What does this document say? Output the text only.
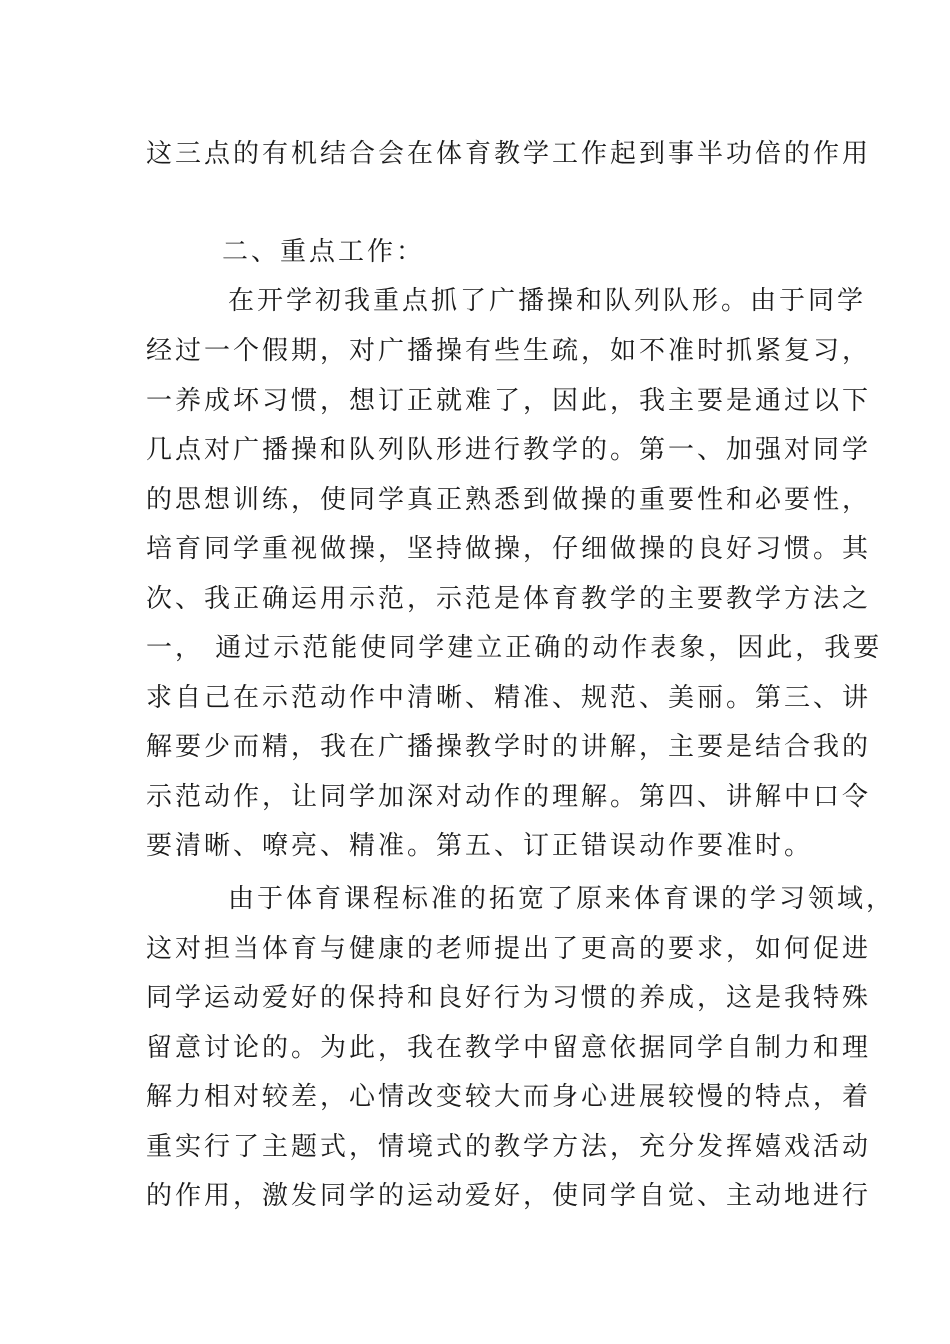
这三点的有机结合会在体育教学工作起到事半功倍的作用
二、重点工作：
在开学初我重点抓了广播操和队列队形。由于同学
经过一个假期，对广播操有些生疏，如不准时抓紧复习，
一养成坏习惯，想订正就难了，因此，我主要是通过以下
几点对广播操和队列队形进行教学的。第一、加强对同学
的思想训练，使同学真正熟悉到做操的重要性和必要性，
培育同学重视做操，坚持做操，仔细做操的良好习惯。其
次、我正确运用示范，示范是体育教学的主要教学方法之
一， 通过示范能使同学建立正确的动作表象，因此，我要
求自己在示范动作中清晰、精准、规范、美丽。第三、讲
解要少而精，我在广播操教学时的讲解，主要是结合我的
示范动作，让同学加深对动作的理解。第四、讲解中口令
要清晰、嘹亮、精准。第五、订正错误动作要准时。
由于体育课程标准的拓宽了原来体育课的学习领域，
这对担当体育与健康的老师提出了更高的要求，如何促进
同学运动爱好的保持和良好行为习惯的养成，这是我特殊
留意讨论的。为此，我在教学中留意依据同学自制力和理
解力相对较差，心情改变较大而身心进展较慢的特点，着
重实行了主题式，情境式的教学方法，充分发挥嬉戏活动
的作用，激发同学的运动爱好，使同学自觉、主动地进行
